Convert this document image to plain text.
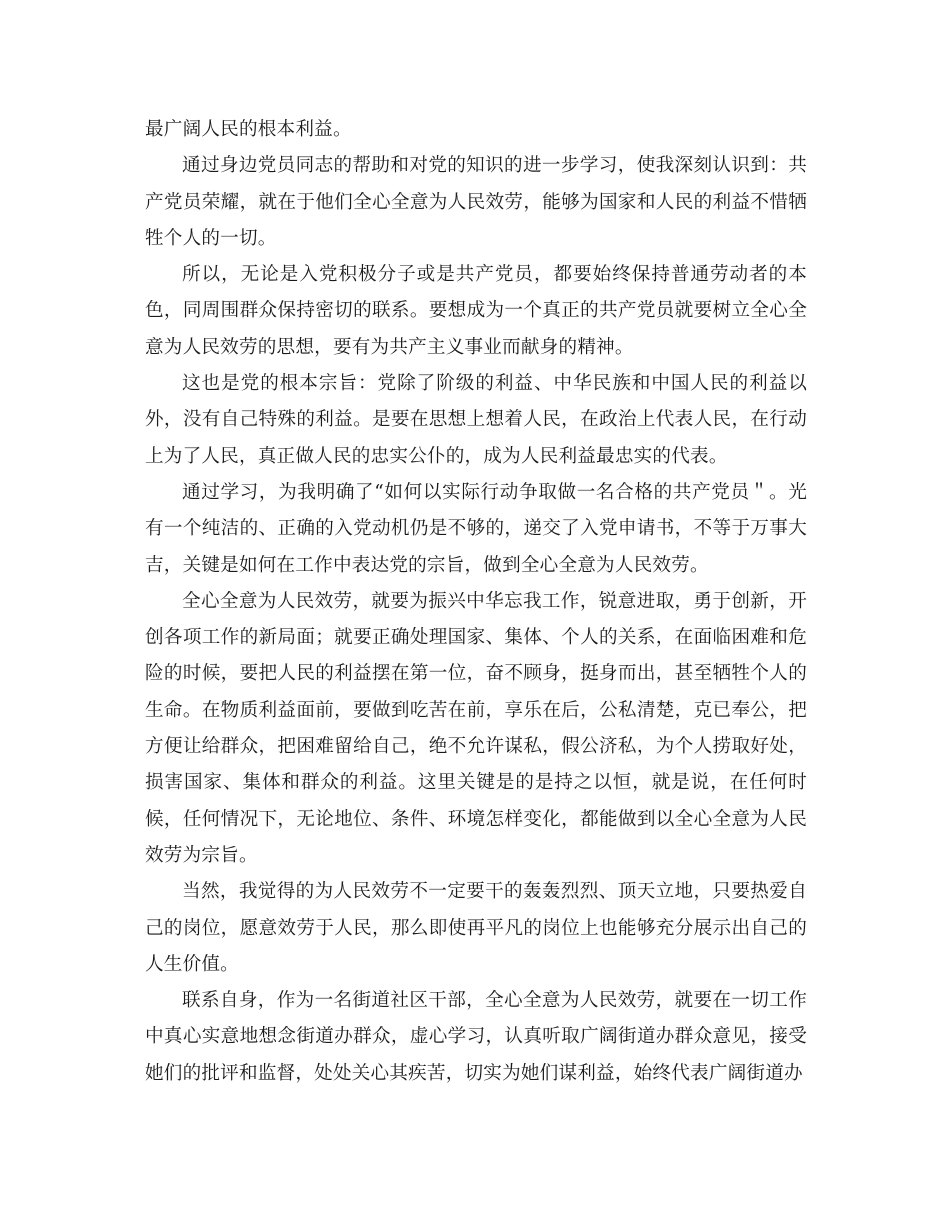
最广阔人民的根本利益。

通过身边党员同志的帮助和对党的知识的进一步学习，使我深刻认识到：共产党员荣耀，就在于他们全心全意为人民效劳，能够为国家和人民的利益不惜牺牲个人的一切。

所以，无论是入党积极分子或是共产党员，都要始终保持普通劳动者的本色，同周围群众保持密切的联系。要想成为一个真正的共产党员就要树立全心全意为人民效劳的思想，要有为共产主义事业而献身的精神。

这也是党的根本宗旨：党除了阶级的利益、中华民族和中国人民的利益以外，没有自己特殊的利益。是要在思想上想着人民，在政治上代表人民，在行动上为了人民，真正做人民的忠实公仆的，成为人民利益最忠实的代表。

通过学习，为我明确了“如何以实际行动争取做一名合格的共产党员＂。光有一个纯洁的、正确的入党动机仍是不够的，递交了入党申请书，不等于万事大吉，关键是如何在工作中表达党的宗旨，做到全心全意为人民效劳。

全心全意为人民效劳，就要为振兴中华忘我工作，锐意进取，勇于创新，开创各项工作的新局面；就要正确处理国家、集体、个人的关系，在面临困难和危险的时候，要把人民的利益摆在第一位，奋不顾身，挺身而出，甚至牺牲个人的生命。在物质利益面前，要做到吃苦在前，享乐在后，公私清楚，克已奉公，把方便让给群众，把困难留给自己，绝不允许谋私，假公济私，为个人捞取好处，损害国家、集体和群众的利益。这里关键是的是持之以恒，就是说，在任何时候，任何情况下，无论地位、条件、环境怎样变化，都能做到以全心全意为人民效劳为宗旨。

当然，我觉得的为人民效劳不一定要干的轰轰烈烈、顶天立地，只要热爱自己的岗位，愿意效劳于人民，那么即使再平凡的岗位上也能够充分展示出自己的人生价值。

联系自身，作为一名街道社区干部，全心全意为人民效劳，就要在一切工作中真心实意地想念街道办群众，虚心学习，认真听取广阔街道办群众意见，接受她们的批评和监督，处处关心其疾苦，切实为她们谋利益，始终代表广阔街道办
